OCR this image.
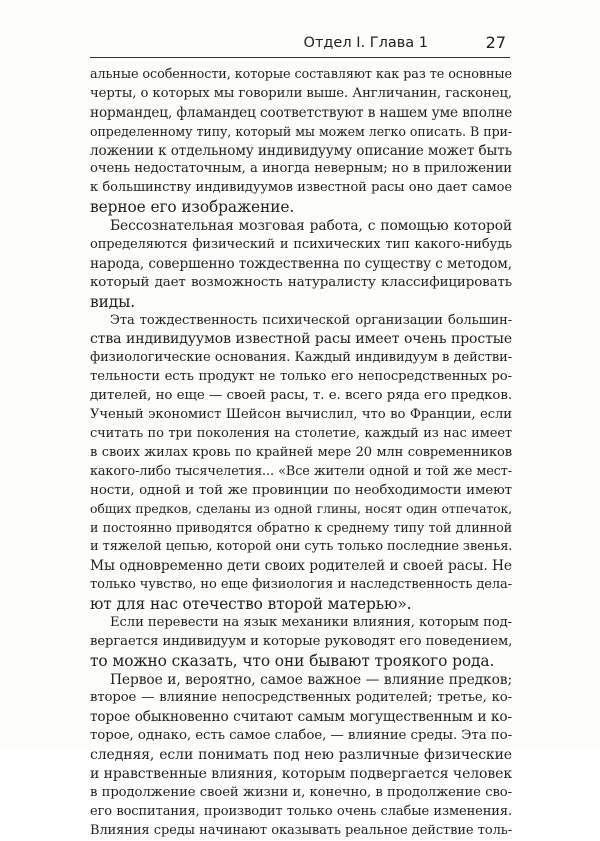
Отдел I. Глава 1	27
альные особенности, которые составляют как раз те основные
черты, о которых мы говорили выше. Англичанин, гасконец,
нормандец, фламандец соответствуют в нашем уме вполне
определенному типу, который мы можем легко описать. В при-
ложении к отдельному индивидууму описание может быть
очень недостаточным, а иногда неверным; но в приложении
к большинству индивидуумов известной расы оно дает самое
верное его изображение.
Бессознательная мозговая работа, с помощью которой
определяются физический и психических тип какого-нибудь
народа, совершенно тождественна по существу с методом,
который дает возможность натуралисту классифицировать
виды.
Эта тождественность психической организации большин-
ства индивидуумов известной расы имеет очень простые
физиологические основания. Каждый индивидуум в действи-
тельности есть продукт не только его непосредственных ро-
дителей, но еще — своей расы, т. е. всего ряда его предков.
Ученый экономист Шейсон вычислил, что во Франции, если
считать по три поколения на столетие, каждый из нас имеет
в своих жилах кровь по крайней мере 20 млн современников
какого-либо тысячелетия... «Все жители одной и той же мест-
ности, одной и той же провинции по необходимости имеют
общих предков, сделаны из одной глины, носят один отпечаток,
и постоянно приводятся обратно к среднему типу той длинной
и тяжелой цепью, которой они суть только последние звенья.
Мы одновременно дети своих родителей и своей расы. Не
только чувство, но еще физиология и наследственность дела-
ют для нас отечество второй матерью».
Если перевести на язык механики влияния, которым под-
вергается индивидуум и которые руководят его поведением,
то можно сказать, что они бывают трoякого рода.
Первое и, вероятно, самое важное — влияние предков;
второе — влияние непосредственных родителей; третье, ко-
торое обыкновенно считают самым могущественным и ко-
торое, однако, есть самое слабое, — влияние среды. Эта по-
следняя, если понимать под нею различные физические
и нравственные влияния, которым подвергается человек
в продолжение своей жизни и, конечно, в продолжение сво-
его воспитания, производит только очень слабые изменения.
Влияния среды начинают оказывать реальное действие толь-
